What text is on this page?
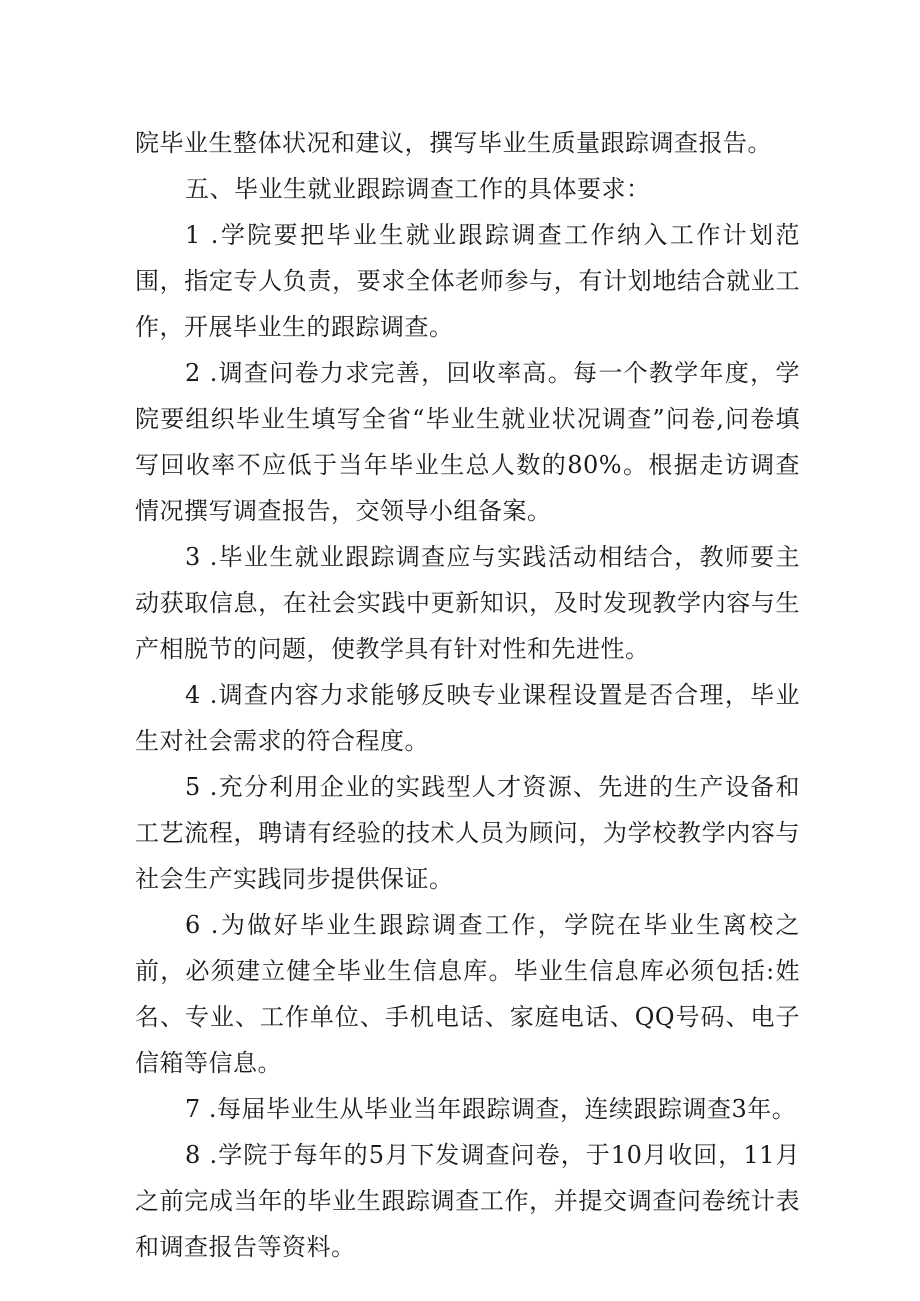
院毕业生整体状况和建议，撰写毕业生质量跟踪调查报告。

五、毕业生就业跟踪调查工作的具体要求：

1 .学院要把毕业生就业跟踪调查工作纳入工作计划范围，指定专人负责，要求全体老师参与，有计划地结合就业工作，开展毕业生的跟踪调查。

2 .调查问卷力求完善，回收率高。每一个教学年度，学院要组织毕业生填写全省“毕业生就业状况调查”问卷,问卷填写回收率不应低于当年毕业生总人数的80%。根据走访调查情况撰写调查报告，交领导小组备案。

3 .毕业生就业跟踪调查应与实践活动相结合，教师要主动获取信息，在社会实践中更新知识，及时发现教学内容与生产相脱节的问题，使教学具有针对性和先进性。

4 .调查内容力求能够反映专业课程设置是否合理，毕业生对社会需求的符合程度。

5 .充分利用企业的实践型人才资源、先进的生产设备和工艺流程，聘请有经验的技术人员为顾问，为学校教学内容与社会生产实践同步提供保证。

6 .为做好毕业生跟踪调查工作，学院在毕业生离校之前，必须建立健全毕业生信息库。毕业生信息库必须包括:姓名、专业、工作单位、手机电话、家庭电话、QQ号码、电子信箱等信息。

7 .每届毕业生从毕业当年跟踪调查，连续跟踪调查3年。

8 .学院于每年的5月下发调查问卷，于10月收回，11月之前完成当年的毕业生跟踪调查工作，并提交调查问卷统计表和调查报告等资料。
